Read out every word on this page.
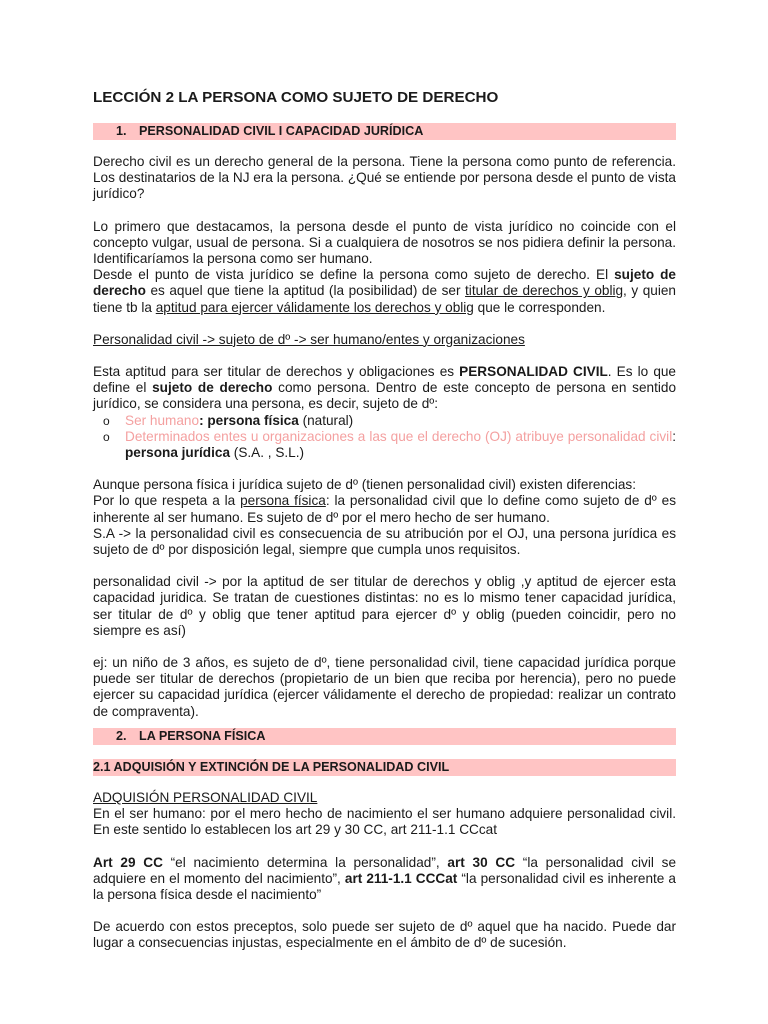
LECCIÓN 2 LA PERSONA COMO SUJETO DE DERECHO
1. PERSONALIDAD CIVIL I CAPACIDAD JURÍDICA

Derecho civil es un derecho general de la persona. Tiene la persona como punto de referencia. Los destinatarios de la NJ era la persona. ¿Qué se entiende por persona desde el punto de vista jurídico?

Lo primero que destacamos, la persona desde el punto de vista jurídico no coincide con el concepto vulgar, usual de persona. Si a cualquiera de nosotros se nos pidiera definir la persona. Identificaríamos la persona como ser humano.

Desde el punto de vista jurídico se define la persona como sujeto de derecho. El sujeto de derecho es aquel que tiene la aptitud (la posibilidad) de ser titular de derechos y oblig, y quien tiene tb la aptitud para ejercer válidamente los derechos y oblig que le corresponden.

Personalidad civil -> sujeto de dº -> ser humano/entes y organizaciones

Esta aptitud para ser titular de derechos y obligaciones es PERSONALIDAD CIVIL. Es lo que define el sujeto de derecho como persona. Dentro de este concepto de persona en sentido jurídico, se considera una persona, es decir, sujeto de dº:

o Ser humano: persona física (natural)
o Determinados entes u organizaciones a las que el derecho (OJ) atribuye personalidad civil: persona jurídica (S.A. , S.L.)

Aunque persona física i jurídica sujeto de dº (tienen personalidad civil) existen diferencias:

Por lo que respeta a la persona física: la personalidad civil que lo define como sujeto de dº es inherente al ser humano. Es sujeto de dº por el mero hecho de ser humano.

S.A -> la personalidad civil es consecuencia de su atribución por el OJ, una persona jurídica es sujeto de dº por disposición legal, siempre que cumpla unos requisitos.

personalidad civil -> por la aptitud de ser titular de derechos y oblig ,y aptitud de ejercer esta capacidad juridica. Se tratan de cuestiones distintas: no es lo mismo tener capacidad jurídica, ser titular de dº y oblig que tener aptitud para ejercer dº y oblig (pueden coincidir, pero no siempre es así)

ej: un niño de 3 años, es sujeto de dº, tiene personalidad civil, tiene capacidad jurídica porque puede ser titular de derechos (propietario de un bien que reciba por herencia), pero no puede ejercer su capacidad jurídica (ejercer válidamente el derecho de propiedad: realizar un contrato de compraventa).

2. LA PERSONA FÍSICA
2.1 ADQUISIÓN Y EXTINCIÓN DE LA PERSONALIDAD CIVIL

ADQUISIÓN PERSONALIDAD CIVIL

En el ser humano: por el mero hecho de nacimiento el ser humano adquiere personalidad civil. En este sentido lo establecen los art 29 y 30 CC, art 211-1.1 CCcat

Art 29 CC “el nacimiento determina la personalidad”, art 30 CC “la personalidad civil se adquiere en el momento del nacimiento”, art 211-1.1 CCCat “la personalidad civil es inherente a la persona física desde el nacimiento”

De acuerdo con estos preceptos, solo puede ser sujeto de dº aquel que ha nacido. Puede dar lugar a consecuencias injustas, especialmente en el ámbito de dº de sucesión.
